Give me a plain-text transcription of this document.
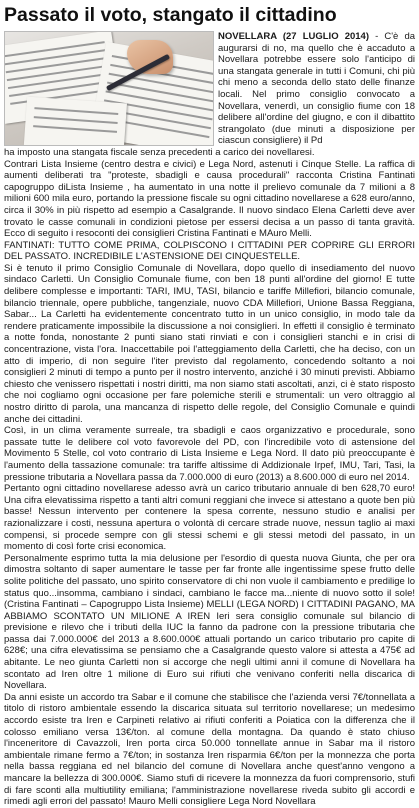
Passato il voto, stangato il cittadino

NOVELLARA (27 LUGLIO 2014) - C'è da augurarsi di no, ma quello che è accaduto a Novellara potrebbe essere solo l'anticipo di una stangata generale in tutti i Comuni, chi più chi meno a seconda dello stato delle finanze locali. Nel primo consiglio convocato a Novellara, venerdì, un consiglio fiume con 18 delibere all'ordine del giugno, e con il dibattito strangolato (due minuti a disposizione per ciascun consigliere) il Pd

ha imposto una stangata fiscale senza precedenti a carico dei novellaresi.

Contrari Lista Insieme (centro destra e civici) e Lega Nord, astenuti i Cinque Stelle. La raffica di aumenti deliberati tra "proteste, sbadigli e causa procedurali" racconta Cristina Fantinati capogruppo diLista Insieme , ha aumentato in una notte il prelievo comunale da 7 milioni a 8 milioni 600 mila euro, portando la pressione fiscale su ogni cittadino novellarese a 628 euro/anno, circa il 30% in più rispetto ad esempio a Casalgrande. Il nuovo sindaco Elena Carletti deve aver trovato le casse comunali in condizioni pietose per essersi decisa a un passo di tanta gravità. Ecco di seguito i resoconti dei consiglieri Cristina Fantinati e MAuro Melli.

FANTINATI: TUTTO COME PRIMA, COLPISCONO I CITTADINI PER COPRIRE GLI ERRORI DEL PASSATO. INCREDIBILE L'ASTENSIONE DEI CINQUESTELLE.

Si è tenuto il primo Consiglio Comunale di Novellara, dopo quello di insediamento del nuovo sindaco Carletti. Un Consiglio Comunale fiume, con ben 18 punti all'ordine del giorno! E tutte delibere complesse e importanti: TARI, IMU, TASI, bilancio e tariffe Millefiori, bilancio comunale, bilancio triennale, opere pubbliche, tangenziale, nuovo CDA Millefiori, Unione Bassa Reggiana, Sabar... La Carletti ha evidentemente concentrato tutto in un unico consiglio, in modo tale da rendere praticamente impossibile la discussione a noi consiglieri. In effetti il consiglio è terminato a notte fonda, nonostante 2 punti siano stati rinviati e con i consiglieri stanchi e in crisi di concentrazione, vista l'ora. Inaccettabile poi l'atteggiamento della Carletti, che ha deciso, con un atto di imperio, di non seguire l'iter previsto dal regolamento, concedendo soltanto a noi consiglieri 2 minuti di tempo a punto per il nostro intervento, anziché i 30 minuti previsti. Abbiamo chiesto che venissero rispettati i nostri diritti, ma non siamo stati ascoltati, anzi, ci è stato risposto che noi cogliamo ogni occasione per fare polemiche sterili e strumentali: un vero oltraggio al nostro diritto di parola, una mancanza di rispetto delle regole, del Consiglio Comunale e quindi anche dei cittadini.

Così, in un clima veramente surreale, tra sbadigli e caos organizzativo e procedurale, sono passate tutte le delibere col voto favorevole del PD, con l'incredibile voto di astensione del Movimento 5 Stelle, col voto contrario di Lista Insieme e Lega Nord. Il dato più preoccupante è l'aumento della tassazione comunale: tra tariffe altissime di Addizionale Irpef, IMU, Tari, Tasi, la pressione tributaria a Novellara passa da 7.000.000 di euro (2013) a 8.600.000 di euro nel 2014.

Pertanto ogni cittadino novellarese adesso avrà un carico tributario annuale di ben 628,70 euro! Una cifra elevatissima rispetto a tanti altri comuni reggiani che invece si attestano a quote ben più basse! Nessun intervento per contenere la spesa corrente, nessuno studio e analisi per razionalizzare i costi, nessuna apertura o volontà di cercare strade nuove, nessun taglio ai maxi compensi, si procede sempre con gli stessi schemi e gli stessi metodi del passato, in un momento di così forte crisi economica.

Personalmente esprimo tutta la mia delusione per l'esordio di questa nuova Giunta, che per ora dimostra soltanto di saper aumentare le tasse per far fronte alle ingentissime spese frutto delle solite politiche del passato, uno spirito conservatore di chi non vuole il cambiamento e predilige lo status quo...insomma, cambiano i sindaci, cambiano le facce ma...niente di nuovo sotto il sole! (Cristina Fantinati – Capogruppo Lista Insieme) MELLI (LEGA NORD) I CITTADINI PAGANO, MA ABBIAMO SCONTATO UN MILIONE A IREN Ieri sera consiglio comunale sul bilancio di previsione e rilevo che i tributi della IUC la fanno da padrone con la pressione tributaria che passa dai 7.000.000€ del 2013 a 8.600.000€ attuali portando un carico tributario pro capite di 628€; una cifra elevatissima se pensiamo che a Casalgrande questo valore si attesta a 475€ ad abitante. Le neo giunta Carletti non si accorge che negli ultimi anni il comune di Novellara ha scontato ad Iren oltre 1 milione di Euro sui rifiuti che venivano conferiti nella discarica di Novellara.

Da anni esiste un accordo tra Sabar e il comune che stabilisce che l'azienda versi 7€/tonnellata a titolo di ristoro ambientale essendo la discarica situata sul territorio novellarese; un medesimo accordo esiste tra Iren e Carpineti relativo ai rifiuti conferiti a Poiatica con la differenza che il colosso emiliano versa 13€/ton. al comune della montagna. Da quando è stato chiuso l'inceneritore di Cavazzoli, Iren porta circa 50.000 tonnellate annue in Sabar ma il ristoro ambientale rimane fermo a 7€/ton; in sostanza Iren risparmia 6€/ton per la monnezza che porta nella bassa reggiana ed nel bilancio del comune di Novellara anche quest'anno vengono a mancare la bellezza di 300.000€. Siamo stufi di ricevere la monnezza da fuori comprensorio, stufi di fare sconti alla multiutility emiliana; l'amministrazione novellarese riveda subito gli accordi e rimedi agli errori del passato! Mauro Melli consigliere Lega Nord Novellara
